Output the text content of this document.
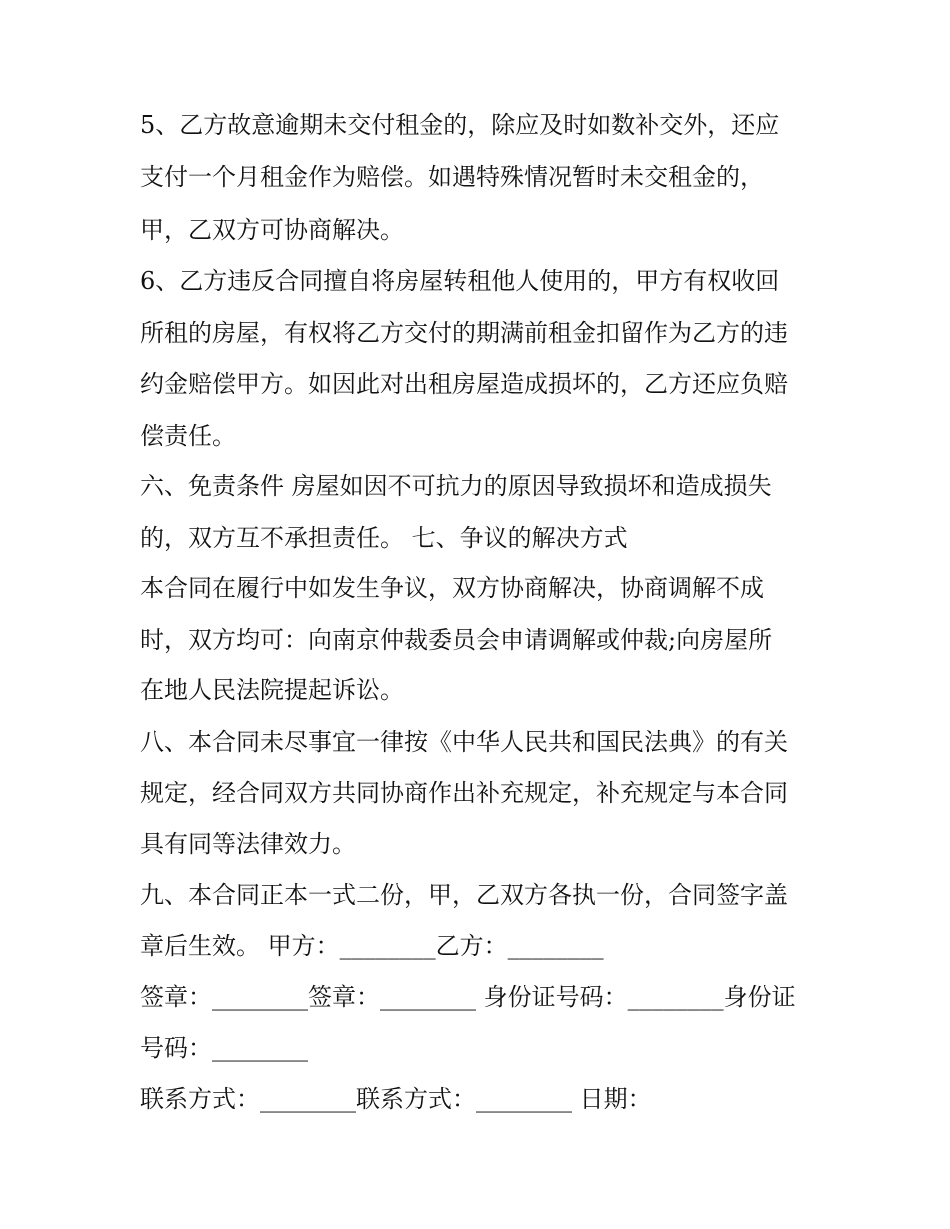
5、乙方故意逾期未交付租金的，除应及时如数补交外，还应
支付一个月租金作为赔偿。如遇特殊情况暂时未交租金的，
甲，乙双方可协商解决。
6、乙方违反合同擅自将房屋转租他人使用的，甲方有权收回
所租的房屋，有权将乙方交付的期满前租金扣留作为乙方的违
约金赔偿甲方。如因此对出租房屋造成损坏的，乙方还应负赔
偿责任。
六、免责条件 房屋如因不可抗力的原因导致损坏和造成损失
的，双方互不承担责任。 七、争议的解决方式
本合同在履行中如发生争议，双方协商解决，协商调解不成
时，双方均可：向南京仲裁委员会申请调解或仲裁;向房屋所
在地人民法院提起诉讼。
八、本合同未尽事宜一律按《中华人民共和国民法典》的有关
规定，经合同双方共同协商作出补充规定，补充规定与本合同
具有同等法律效力。
九、本合同正本一式二份，甲，乙双方各执一份，合同签字盖
章后生效。 甲方：________乙方：________
签章：________签章：________ 身份证号码：________身份证
号码：________
联系方式：________联系方式：________ 日期：
